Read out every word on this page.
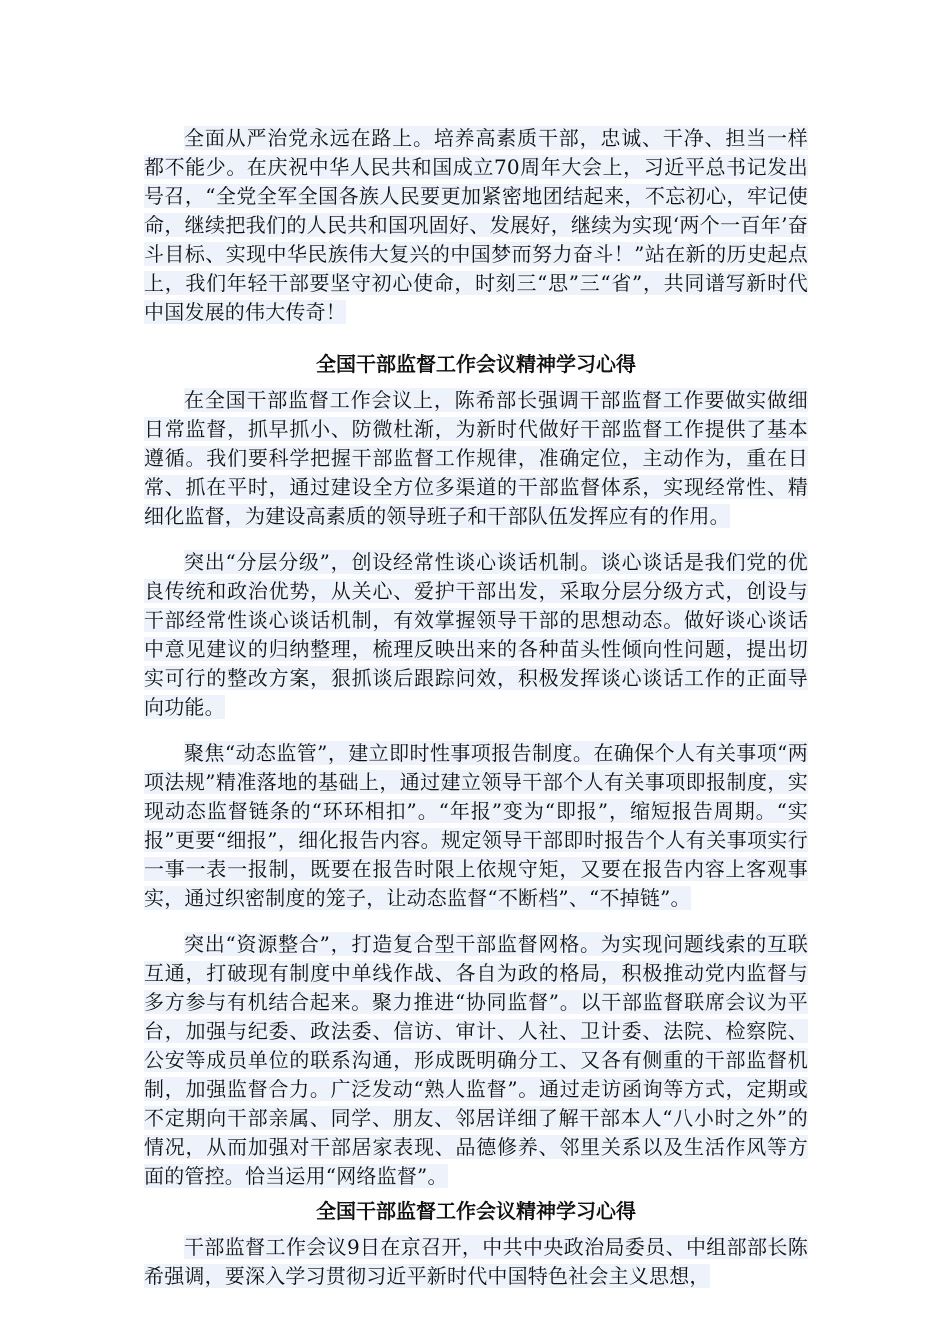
全面从严治党永远在路上。培养高素质干部，忠诚、干净、担当一样都不能少。在庆祝中华人民共和国成立70周年大会上，习近平总书记发出号召，“全党全军全国各族人民要更加紧密地团结起来，不忘初心，牢记使命，继续把我们的人民共和国巩固好、发展好，继续为实现‘两个一百年’奋斗目标、实现中华民族伟大复兴的中国梦而努力奋斗！”站在新的历史起点上，我们年轻干部要坚守初心使命，时刻三“思”三“省”，共同谱写新时代中国发展的伟大传奇！

全国干部监督工作会议精神学习心得

在全国干部监督工作会议上，陈希部长强调干部监督工作要做实做细日常监督，抓早抓小、防微杜渐，为新时代做好干部监督工作提供了基本遵循。我们要科学把握干部监督工作规律，准确定位，主动作为，重在日常、抓在平时，通过建设全方位多渠道的干部监督体系，实现经常性、精细化监督，为建设高素质的领导班子和干部队伍发挥应有的作用。

突出“分层分级”，创设经常性谈心谈话机制。谈心谈话是我们党的优良传统和政治优势，从关心、爱护干部出发，采取分层分级方式，创设与干部经常性谈心谈话机制，有效掌握领导干部的思想动态。做好谈心谈话中意见建议的归纳整理，梳理反映出来的各种苗头性倾向性问题，提出切实可行的整改方案，狠抓谈后跟踪问效，积极发挥谈心谈话工作的正面导向功能。

聚焦“动态监管”，建立即时性事项报告制度。在确保个人有关事项“两项法规”精准落地的基础上，通过建立领导干部个人有关事项即报制度，实现动态监督链条的“环环相扣”。“年报”变为“即报”，缩短报告周期。“实报”更要“细报”，细化报告内容。规定领导干部即时报告个人有关事项实行一事一表一报制，既要在报告时限上依规守矩，又要在报告内容上客观事实，通过织密制度的笼子，让动态监督“不断档”、“不掉链”。

突出“资源整合”，打造复合型干部监督网格。为实现问题线索的互联互通，打破现有制度中单线作战、各自为政的格局，积极推动党内监督与多方参与有机结合起来。聚力推进“协同监督”。以干部监督联席会议为平台，加强与纪委、政法委、信访、审计、人社、卫计委、法院、检察院、公安等成员单位的联系沟通，形成既明确分工、又各有侧重的干部监督机制，加强监督合力。广泛发动“熟人监督”。通过走访函询等方式，定期或不定期向干部亲属、同学、朋友、邻居详细了解干部本人“八小时之外”的情况，从而加强对干部居家表现、品德修养、邻里关系以及生活作风等方面的管控。恰当运用“网络监督”。

全国干部监督工作会议精神学习心得

干部监督工作会议9日在京召开，中共中央政治局委员、中组部部长陈希强调，要深入学习贯彻习近平新时代中国特色社会主义思想，
